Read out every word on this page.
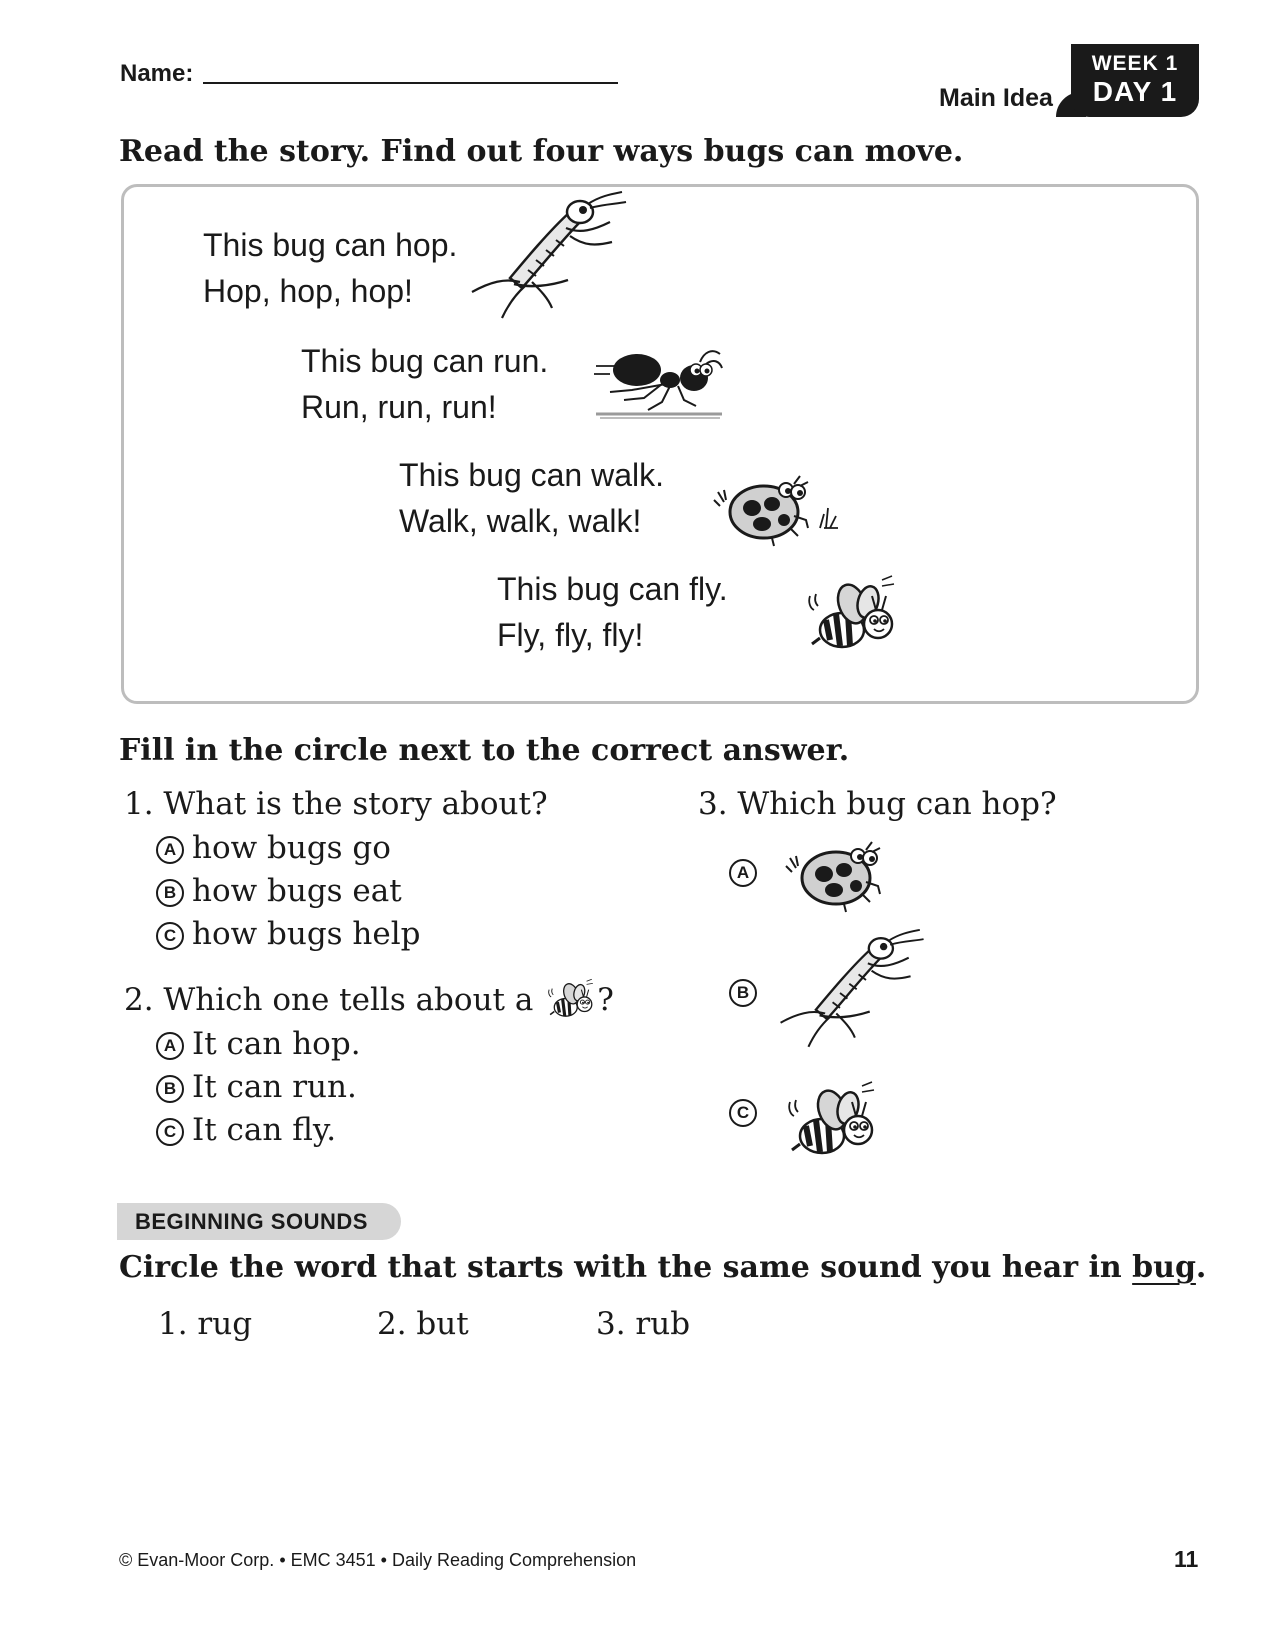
Name:
Main Idea
WEEK 1
DAY 1
Read the story. Find out four ways bugs can move.
This bug can hop.
Hop, hop, hop!
This bug can run.
Run, run, run!
This bug can walk.
Walk, walk, walk!
This bug can fly.
Fly, fly, fly!
Fill in the circle next to the correct answer.
1. What is the story about?
A how bugs go
B how bugs eat
C how bugs help
2. Which one tells about a ?
A It can hop.
B It can run.
C It can fly.
3. Which bug can hop?
A
B
C
BEGINNING SOUNDS
Circle the word that starts with the same sound you hear in bug.
1. rug	2. but	3. rub
© Evan-Moor Corp. • EMC 3451 • Daily Reading Comprehension	11
